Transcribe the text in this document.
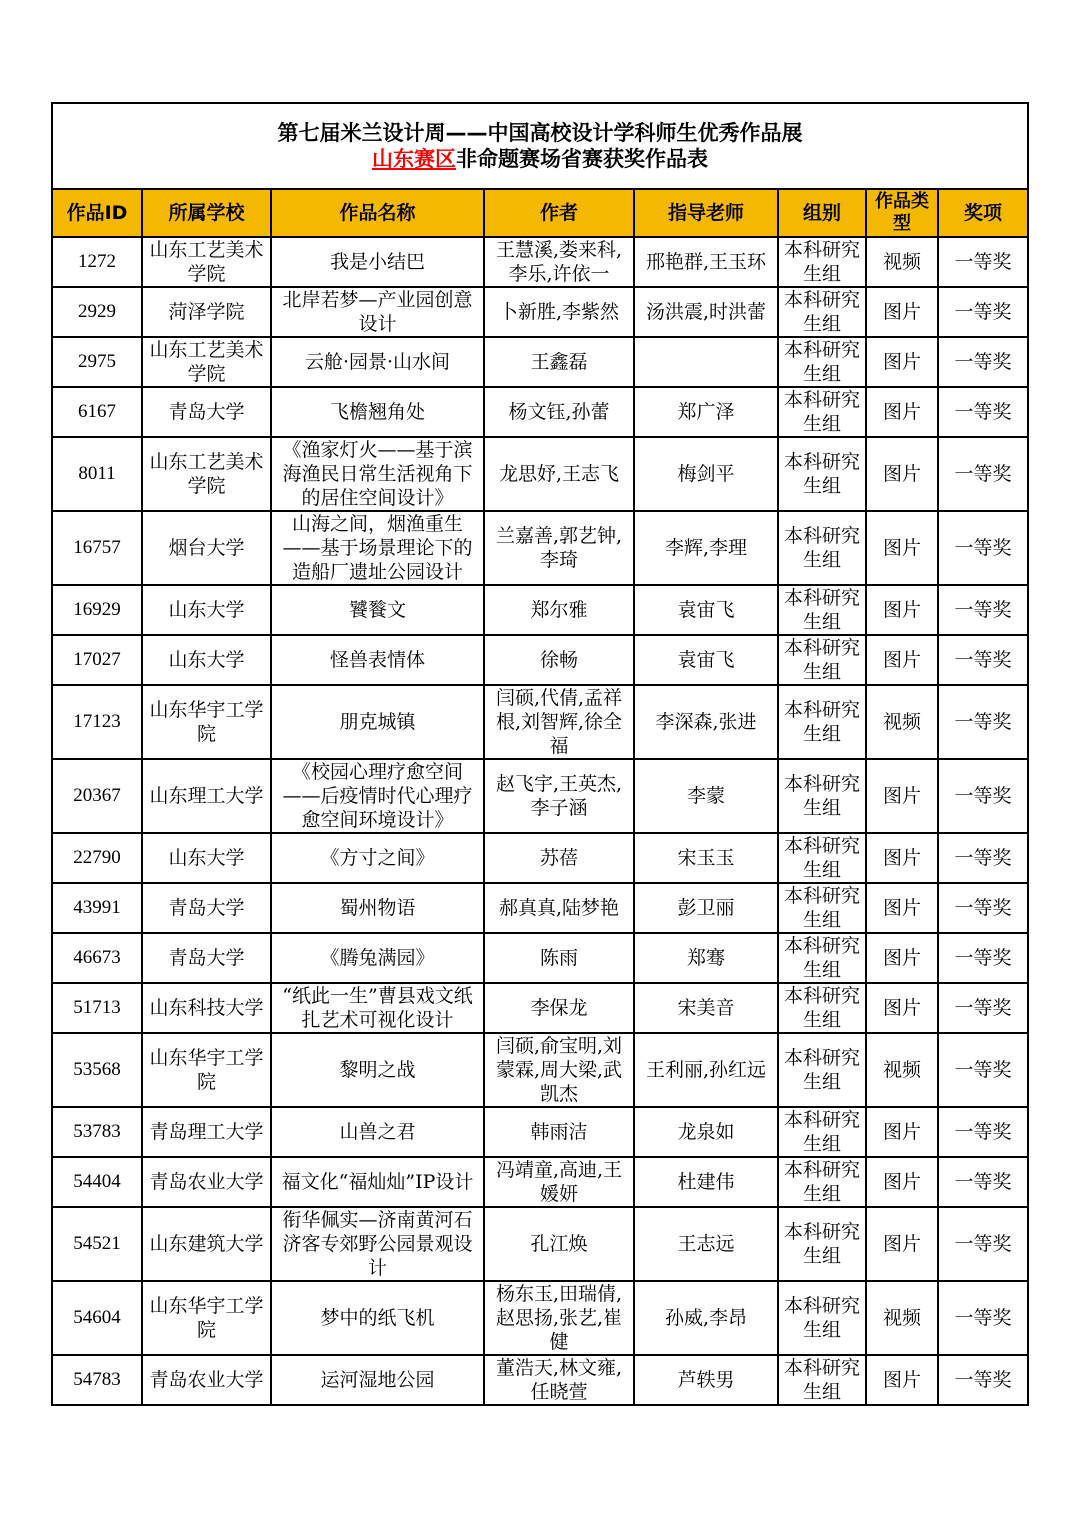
第七届米兰设计周——中国高校设计学科师生优秀作品展
山东赛区非命题赛场省赛获奖作品表							

作品ID	所属学校	作品名称	作者	指导老师	组别	作品类型	奖项
1272	山东工艺美术学院	我是小结巴	王慧溪,娄来科,李乐,许依一	邢艳群,王玉环	本科研究生组	视频	一等奖
2929	菏泽学院	北岸若梦—产业园创意设计	卜新胜,李紫然	汤洪震,时洪蕾	本科研究生组	图片	一等奖
2975	山东工艺美术学院	云舱·园景·山水间	王鑫磊		本科研究生组	图片	一等奖
6167	青岛大学	飞檐翘角处	杨文钰,孙蕾	郑广泽	本科研究生组	图片	一等奖
8011	山东工艺美术学院	《渔家灯火——基于滨海渔民日常生活视角下的居住空间设计》	龙思妤,王志飞	梅剑平	本科研究生组	图片	一等奖
16757	烟台大学	山海之间，烟渔重生——基于场景理论下的造船厂遗址公园设计	兰嘉善,郭艺钟,李琦	李辉,李理	本科研究生组	图片	一等奖
16929	山东大学	饕餮文	郑尔雅	袁宙飞	本科研究生组	图片	一等奖
17027	山东大学	怪兽表情体	徐畅	袁宙飞	本科研究生组	图片	一等奖
17123	山东华宇工学院	朋克城镇	闫硕,代倩,孟祥根,刘智辉,徐全福	李深森,张进	本科研究生组	视频	一等奖
20367	山东理工大学	《校园心理疗愈空间——后疫情时代心理疗愈空间环境设计》	赵飞宇,王英杰,李子涵	李蒙	本科研究生组	图片	一等奖
22790	山东大学	《方寸之间》	苏蓓	宋玉玉	本科研究生组	图片	一等奖
43991	青岛大学	蜀州物语	郝真真,陆梦艳	彭卫丽	本科研究生组	图片	一等奖
46673	青岛大学	《腾兔满园》	陈雨	郑骞	本科研究生组	图片	一等奖
51713	山东科技大学	“纸此一生”曹县戏文纸扎艺术可视化设计	李保龙	宋美音	本科研究生组	图片	一等奖
53568	山东华宇工学院	黎明之战	闫硕,俞宝明,刘蒙霖,周大梁,武凯杰	王利丽,孙红远	本科研究生组	视频	一等奖
53783	青岛理工大学	山兽之君	韩雨洁	龙泉如	本科研究生组	图片	一等奖
54404	青岛农业大学	福文化“福灿灿”IP设计	冯靖童,高迪,王媛妍	杜建伟	本科研究生组	图片	一等奖
54521	山东建筑大学	衔华佩实—济南黄河石济客专郊野公园景观设计	孔江焕	王志远	本科研究生组	图片	一等奖
54604	山东华宇工学院	梦中的纸飞机	杨东玉,田瑞倩,赵思扬,张艺,崔健	孙威,李昂	本科研究生组	视频	一等奖
54783	青岛农业大学	运河湿地公园	董浩天,林文雍,任晓萱	芦轶男	本科研究生组	图片	一等奖
